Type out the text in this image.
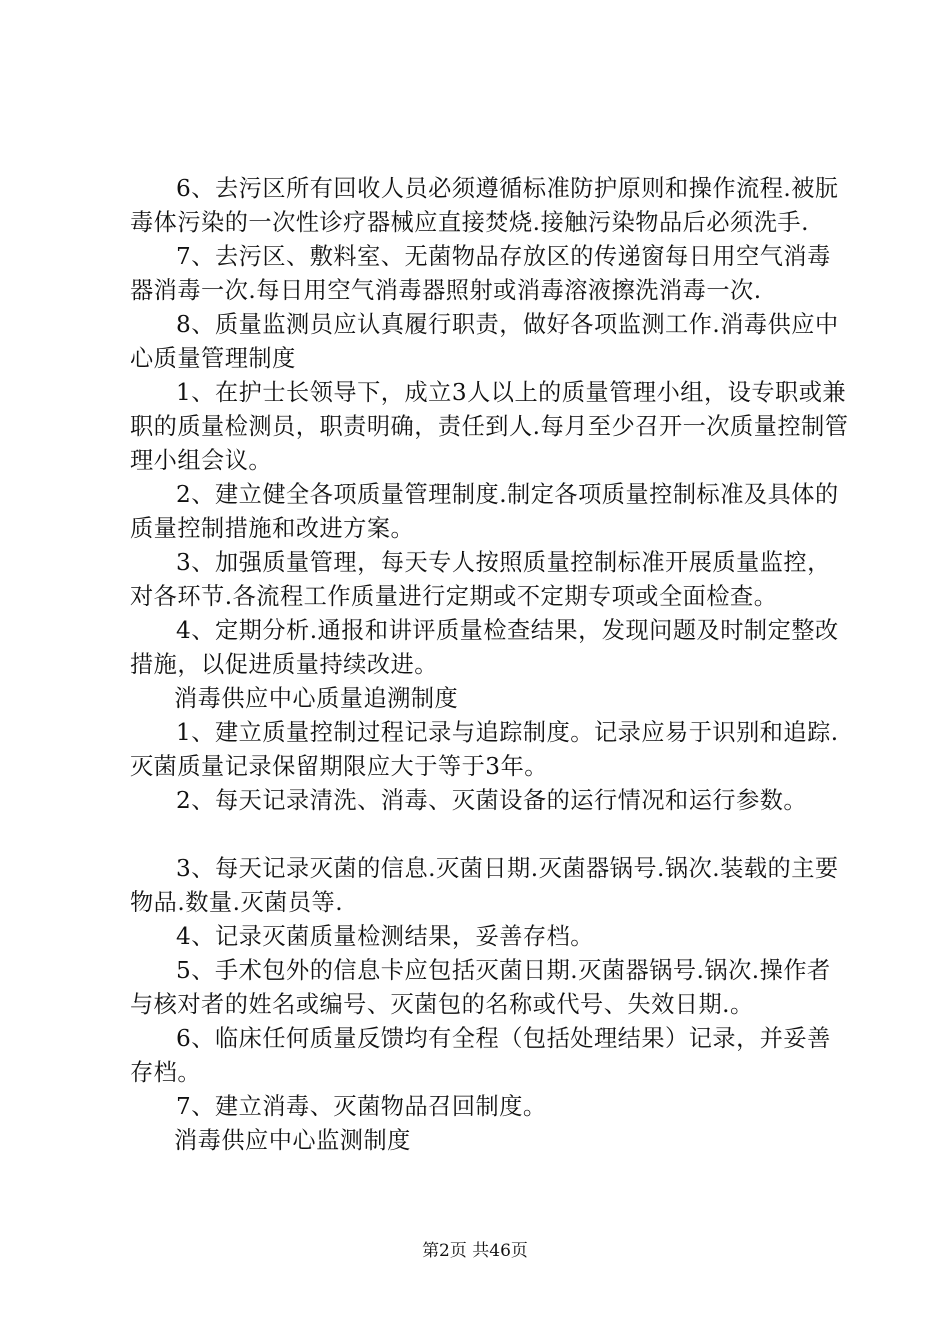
6、去污区所有回收人员必须遵循标准防护原则和操作流程.被朊毒体污染的一次性诊疗器械应直接焚烧.接触污染物品后必须洗手.

7、去污区、敷料室、无菌物品存放区的传递窗每日用空气消毒器消毒一次.每日用空气消毒器照射或消毒溶液擦洗消毒一次.

8、质量监测员应认真履行职责，做好各项监测工作.消毒供应中心质量管理制度

1、在护士长领导下，成立3人以上的质量管理小组，设专职或兼职的质量检测员，职责明确，责任到人.每月至少召开一次质量控制管理小组会议。

2、建立健全各项质量管理制度.制定各项质量控制标准及具体的质量控制措施和改进方案。

3、加强质量管理，每天专人按照质量控制标准开展质量监控，对各环节.各流程工作质量进行定期或不定期专项或全面检查。

4、定期分析.通报和讲评质量检查结果，发现问题及时制定整改措施，以促进质量持续改进。

消毒供应中心质量追溯制度

1、建立质量控制过程记录与追踪制度。记录应易于识别和追踪.灭菌质量记录保留期限应大于等于3年。

2、每天记录清洗、消毒、灭菌设备的运行情况和运行参数。

3、每天记录灭菌的信息.灭菌日期.灭菌器锅号.锅次.装载的主要物品.数量.灭菌员等.

4、记录灭菌质量检测结果，妥善存档。

5、手术包外的信息卡应包括灭菌日期.灭菌器锅号.锅次.操作者与核对者的姓名或编号、灭菌包的名称或代号、失效日期.。

6、临床任何质量反馈均有全程（包括处理结果）记录，并妥善存档。

7、建立消毒、灭菌物品召回制度。

消毒供应中心监测制度

第2页 共46页
